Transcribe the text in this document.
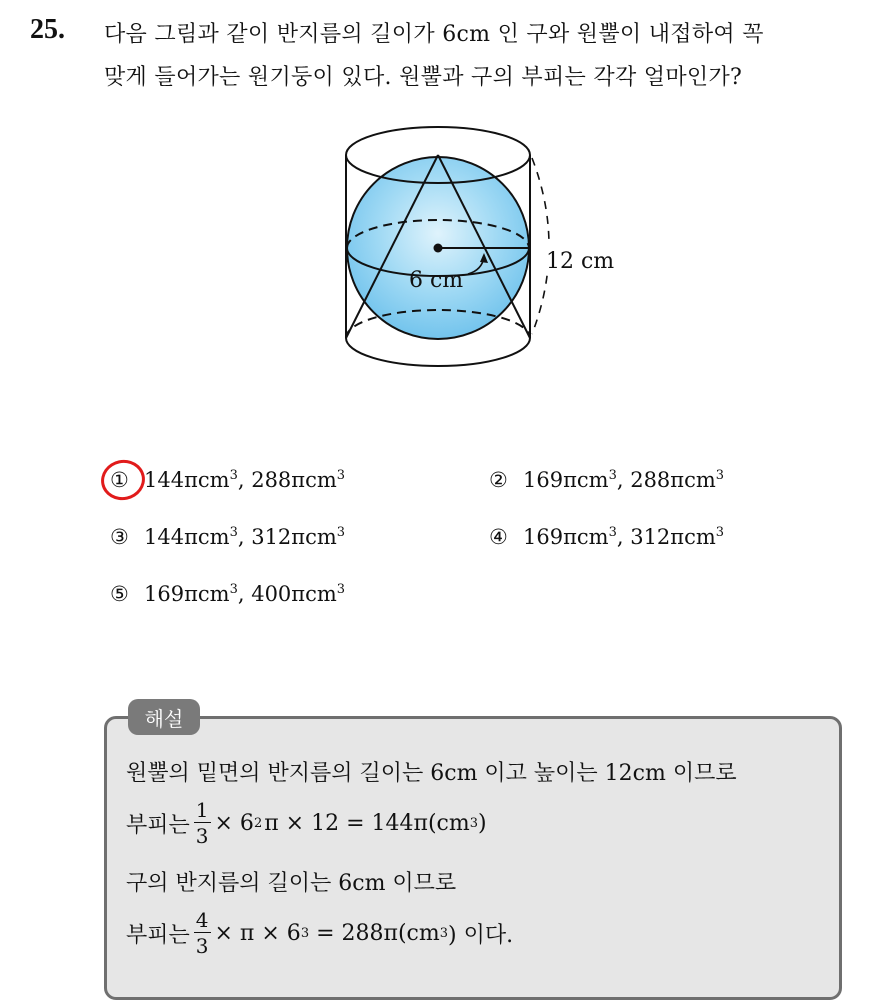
25. 다음 그림과 같이 반지름의 길이가 6cm 인 구와 원뿔이 내접하여 꼭
맞게 들어가는 원기둥이 있다. 원뿔과 구의 부피는 각각 얼마인가?
6 cm
12 cm
① 144πcm$^3$, 288πcm$^3$	② 169πcm$^3$, 288πcm$^3$
③ 144πcm$^3$, 312πcm$^3$	④ 169πcm$^3$, 312πcm$^3$
⑤ 169πcm$^3$, 400πcm$^3$
해설
원뿔의 밑면의 반지름의 길이는 6cm 이고 높이는 12cm 이므로
부피는 $\frac{1}{3} \times 6$ 2 π × 12 = 144π(cm 3 )
구의 반지름의 길이는 6cm 이므로
부피는 $\frac{4}{3} \times \pi \times 6$ 3 = 288π(cm 3 ) 이다.
